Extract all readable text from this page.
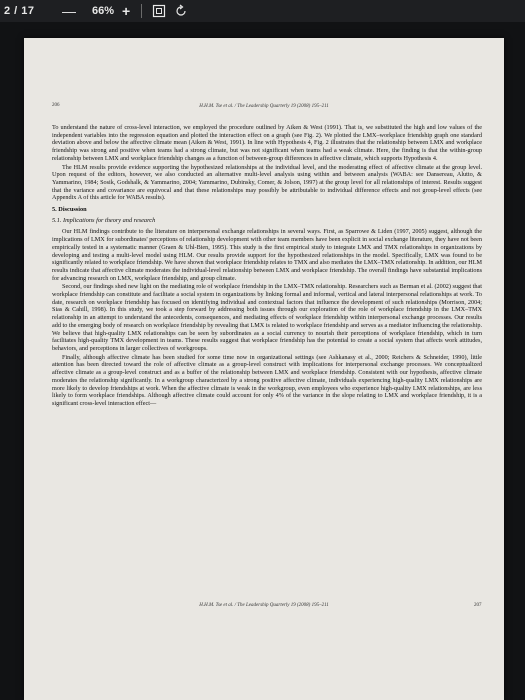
2 / 17 — 66% +
206	H.H.M. Tse et al. / The Leadership Quarterly 19 (2008) 195–211

To understand the nature of cross-level interaction, we employed the procedure outlined by Aiken & West (1991). That is, we substituted the high and low values of the independent variables into the regression equation and plotted the interaction effect on a graph (see Fig. 2). We plotted the LMX–workplace friendship graph one standard deviation above and below the affective climate mean (Aiken & West, 1991). In line with Hypothesis 4, Fig. 2 illustrates that the relationship between LMX and workplace friendship was strong and positive when teams had a strong climate, but was not significant when teams had a weak climate. Here, the finding is that the within-group relationship between LMX and workplace friendship changes as a function of between-group differences in affective climate, which supports Hypothesis 4.

The HLM results provide evidence supporting the hypothesized relationships at the individual level, and the moderating effect of affective climate at the group level. Upon request of the editors, however, we also conducted an alternative multi-level analysis using within and between analysis (WABA: see Dansereau, Alutto, & Yammarino, 1984; Sosik, Godshalk, & Yammarino, 2004; Yammarino, Dubinsky, Comer, & Jolson, 1997) at the group level for all relationships of interest. Results suggest that the variance and covariance are equivocal and that these relationships may possibly be attributable to individual difference effects and not group-level effects (see Appendix A of this article for WABA results).

5. Discussion
5.1. Implications for theory and research

Our HLM findings contribute to the literature on interpersonal exchange relationships in several ways. First, as Sparrowe & Liden (1997, 2005) suggest, although the implications of LMX for subordinates' perceptions of relationship development with other team members have been explicit in social exchange literature, they have not been empirically tested in a systematic manner (Graen & Uhl-Bien, 1995). This study is the first empirical study to integrate LMX and TMX relationships in organizations by developing and testing a multi-level model using HLM. Our results provide support for the hypothesized relationships in the model. Specifically, LMX was found to be significantly related to workplace friendship. We have shown that workplace friendship relates to TMX and also mediates the LMX–TMX relationship. In addition, our HLM results indicate that affective climate moderates the individual-level relationship between LMX and workplace friendship. The overall findings have substantial implications for advancing research on LMX, workplace friendship, and group climate.

Second, our findings shed new light on the mediating role of workplace friendship in the LMX–TMX relationship. Researchers such as Berman et al. (2002) suggest that workplace friendship can constitute and facilitate a social system in organizations by linking formal and informal, vertical and lateral interpersonal relationships at work. To date, research on workplace friendship has focused on identifying individual and contextual factors that influence the development of such relationships (Morrison, 2004; Sias & Cahill, 1998). In this study, we took a step forward by addressing both issues through our exploration of the role of workplace friendship in the LMX–TMX relationship in an attempt to understand the antecedents, consequences, and mediating effects of workplace friendship within interpersonal exchange processes. Our results add to the emerging body of research on workplace friendship by revealing that LMX is related to workplace friendship and serves as a mediator influencing the relationship. We believe that high-quality LMX relationships can be seen by subordinates as a social currency to nourish their perceptions of workplace friendship, which in turn facilitates high-quality TMX development in teams. These results suggest that workplace friendship has the potential to create a social system that affects work attitudes, behaviors, and perceptions in larger collectives of workgroups.

Finally, although affective climate has been studied for some time now in organizational settings (see Ashkanasy et al., 2000; Reichers & Schneider, 1990), little attention has been directed toward the role of affective climate as a group-level construct with implications for interpersonal exchange processes. We conceptualized affective climate as a group-level construct and as a buffer of the relationship between LMX and workplace friendship. Consistent with our hypothesis, affective climate moderates the relationship significantly. In a workgroup characterized by a strong positive affective climate, individuals experiencing high-quality LMX relationships are more likely to develop friendships at work. When the affective climate is weak in the workgroup, even employees who experience high-quality LMX relationships, are less likely to form workplace friendships. Although affective climate could account for only 4% of the variance in the slope relating to LMX and workplace friendship, it is a significant cross-level interaction effect—

H.H.M. Tse et al. / The Leadership Quarterly 19 (2008) 195–211	207
